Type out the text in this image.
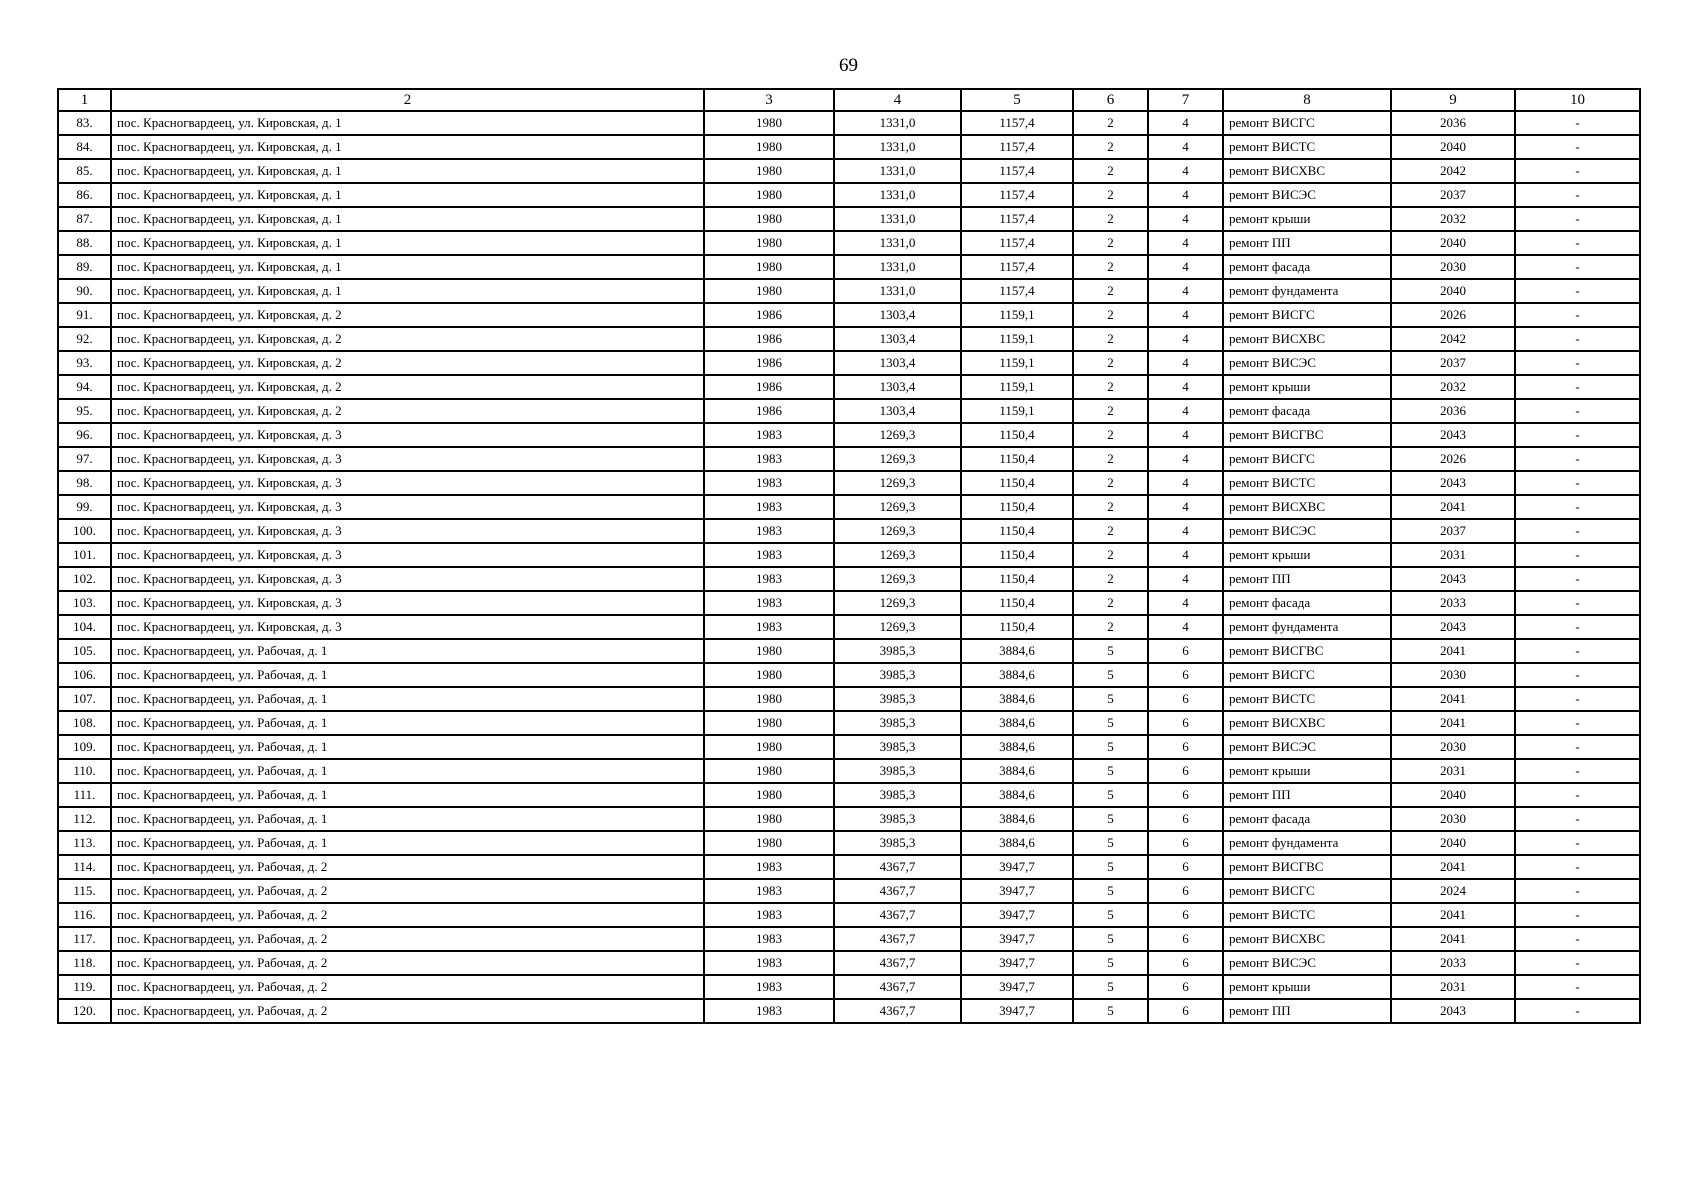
69
1	2	3	4	5	6	7	8	9	10
83.	пос. Красногвардеец, ул. Кировская, д. 1	1980	1331,0	1157,4	2	4	ремонт ВИСГС	2036	-
84.	пос. Красногвардеец, ул. Кировская, д. 1	1980	1331,0	1157,4	2	4	ремонт ВИСТС	2040	-
85.	пос. Красногвардеец, ул. Кировская, д. 1	1980	1331,0	1157,4	2	4	ремонт ВИСХВС	2042	-
86.	пос. Красногвардеец, ул. Кировская, д. 1	1980	1331,0	1157,4	2	4	ремонт ВИСЭС	2037	-
87.	пос. Красногвардеец, ул. Кировская, д. 1	1980	1331,0	1157,4	2	4	ремонт крыши	2032	-
88.	пос. Красногвардеец, ул. Кировская, д. 1	1980	1331,0	1157,4	2	4	ремонт ПП	2040	-
89.	пос. Красногвардеец, ул. Кировская, д. 1	1980	1331,0	1157,4	2	4	ремонт фасада	2030	-
90.	пос. Красногвардеец, ул. Кировская, д. 1	1980	1331,0	1157,4	2	4	ремонт фундамента	2040	-
91.	пос. Красногвардеец, ул. Кировская, д. 2	1986	1303,4	1159,1	2	4	ремонт ВИСГС	2026	-
92.	пос. Красногвардеец, ул. Кировская, д. 2	1986	1303,4	1159,1	2	4	ремонт ВИСХВС	2042	-
93.	пос. Красногвардеец, ул. Кировская, д. 2	1986	1303,4	1159,1	2	4	ремонт ВИСЭС	2037	-
94.	пос. Красногвардеец, ул. Кировская, д. 2	1986	1303,4	1159,1	2	4	ремонт крыши	2032	-
95.	пос. Красногвардеец, ул. Кировская, д. 2	1986	1303,4	1159,1	2	4	ремонт фасада	2036	-
96.	пос. Красногвардеец, ул. Кировская, д. 3	1983	1269,3	1150,4	2	4	ремонт ВИСГВС	2043	-
97.	пос. Красногвардеец, ул. Кировская, д. 3	1983	1269,3	1150,4	2	4	ремонт ВИСГС	2026	-
98.	пос. Красногвардеец, ул. Кировская, д. 3	1983	1269,3	1150,4	2	4	ремонт ВИСТС	2043	-
99.	пос. Красногвардеец, ул. Кировская, д. 3	1983	1269,3	1150,4	2	4	ремонт ВИСХВС	2041	-
100.	пос. Красногвардеец, ул. Кировская, д. 3	1983	1269,3	1150,4	2	4	ремонт ВИСЭС	2037	-
101.	пос. Красногвардеец, ул. Кировская, д. 3	1983	1269,3	1150,4	2	4	ремонт крыши	2031	-
102.	пос. Красногвардеец, ул. Кировская, д. 3	1983	1269,3	1150,4	2	4	ремонт ПП	2043	-
103.	пос. Красногвардеец, ул. Кировская, д. 3	1983	1269,3	1150,4	2	4	ремонт фасада	2033	-
104.	пос. Красногвардеец, ул. Кировская, д. 3	1983	1269,3	1150,4	2	4	ремонт фундамента	2043	-
105.	пос. Красногвардеец, ул. Рабочая, д. 1	1980	3985,3	3884,6	5	6	ремонт ВИСГВС	2041	-
106.	пос. Красногвардеец, ул. Рабочая, д. 1	1980	3985,3	3884,6	5	6	ремонт ВИСГС	2030	-
107.	пос. Красногвардеец, ул. Рабочая, д. 1	1980	3985,3	3884,6	5	6	ремонт ВИСТС	2041	-
108.	пос. Красногвардеец, ул. Рабочая, д. 1	1980	3985,3	3884,6	5	6	ремонт ВИСХВС	2041	-
109.	пос. Красногвардеец, ул. Рабочая, д. 1	1980	3985,3	3884,6	5	6	ремонт ВИСЭС	2030	-
110.	пос. Красногвардеец, ул. Рабочая, д. 1	1980	3985,3	3884,6	5	6	ремонт крыши	2031	-
111.	пос. Красногвардеец, ул. Рабочая, д. 1	1980	3985,3	3884,6	5	6	ремонт ПП	2040	-
112.	пос. Красногвардеец, ул. Рабочая, д. 1	1980	3985,3	3884,6	5	6	ремонт фасада	2030	-
113.	пос. Красногвардеец, ул. Рабочая, д. 1	1980	3985,3	3884,6	5	6	ремонт фундамента	2040	-
114.	пос. Красногвардеец, ул. Рабочая, д. 2	1983	4367,7	3947,7	5	6	ремонт ВИСГВС	2041	-
115.	пос. Красногвардеец, ул. Рабочая, д. 2	1983	4367,7	3947,7	5	6	ремонт ВИСГС	2024	-
116.	пос. Красногвардеец, ул. Рабочая, д. 2	1983	4367,7	3947,7	5	6	ремонт ВИСТС	2041	-
117.	пос. Красногвардеец, ул. Рабочая, д. 2	1983	4367,7	3947,7	5	6	ремонт ВИСХВС	2041	-
118.	пос. Красногвардеец, ул. Рабочая, д. 2	1983	4367,7	3947,7	5	6	ремонт ВИСЭС	2033	-
119.	пос. Красногвардеец, ул. Рабочая, д. 2	1983	4367,7	3947,7	5	6	ремонт крыши	2031	-
120.	пос. Красногвардеец, ул. Рабочая, д. 2	1983	4367,7	3947,7	5	6	ремонт ПП	2043	-
